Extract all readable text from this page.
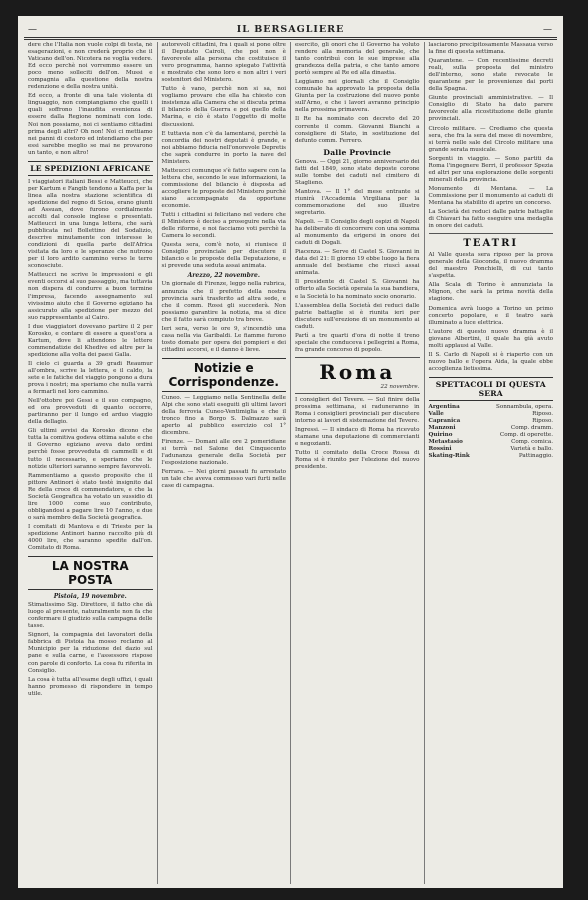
—	IL BERSAGLIERE	—

dere che l'Italia non vuole colpi di testa, nè esagerazioni, e non crederà proprio che il Vaticano dell'on. Nicotera ne voglia vedere. Ed ecco perchè noi vorremmo essere un poco meno solleciti dell'on. Mussi e compagnia alla questione della nostra redenzione e della nostra unità.

Ed ecco, a fronte di una tale violenta di linguaggio, non compiangiamo che quelli i quali soffrono l'inaudita evenienza di essere dalla Regione nominati con lode. Noi non possiamo, noi ci sentiamo cittadini prima degli altri? Oh non! Noi ci mettiamo nei panni di costoro ed intendiamo che per essi sarebbe meglio se mai ne provarono un tanto, e non altro!

LE SPEDIZIONI AFRICANE

I viaggiatori italiani Bessi e Matteucci, che per Kartum e Fangib tendono a Kaffa per la linea alla nostra stazione scientifica di spedizione del regno di Scioa, erano giunti ad Assuan, dove furono cordialmente accolti dal console inglese e presentati. Matteucci in una lunga lettera, che sarà pubblicata nel Bollettino del Sodalizio, descrive minutamente con interesse le condizioni di quella parte dell'Africa visitata da loro e le speranze che nutrono per il loro ardito cammino verso le terre sconosciute.

Matteucci ne scrive le impressioni e gli eventi occorsi al suo passaggio, ma tuttavia non dispera di condurre a buon termine l'impresa, facendo assegnamento sul vivissimo aiuto che il Governo egiziano ha assicurato alla spedizione per mezzo del suo rappresentante al Cairo.

I due viaggiatori dovevano partire il 2 per Korosko, e contare di essere a quest'ora a Kartum, dove li attendono le lettere commendatizie del Khedive ed altre per la spedizione alla volta dei paesi Galla.

Il cielo ci guarda a 39 gradi Reaumur all'ombra, scrive la lettera, e il caldo, la sete e le fatiche del viaggio pongono a dura prova i nostri; ma speriamo che nulla varrà a fermarli nel loro cammino.

Nell'ottobre poi Gessi e il suo compagno, ed ora provveduti di quanto occorre, partiranno per il lungo ed arduo viaggio della dellagio.

Gli ultimi avvisi da Korosko dicono che tutta la comitiva godeva ottima salute e che il Governo egiziano aveva dato ordini perchè fosse provveduta di cammelli e di tutto il necessario, e speriamo che le notizie ulteriori saranno sempre favorevoli.

Rammentiamo a questo proposito che il pittore Antinori è stato testè insignito dal Re della croce di commendatore, e che la Società Geografica ha votato un sussidio di lire 1000 come suo contributo, obbligandosi a pagare lire 10 l'anno, e due o sarà membro della Società geografica.

I comitati di Mantova e di Trieste per la spedizione Antinori hanno raccolto più di 4000 lire, che saranno spedite dall'on. Comitato di Roma.

LA NOSTRA POSTA
Pistoia, 19 novembre.

Stimatissimo Sig. Direttore, il fatto che dà luogo al presente, naturalmente non fa che confermare il giudizio sulla campagna delle tasse.

Signori, la compagnia dei lavoratori della fabbrica di Pistoia ha mosso reclamo al Municipio per la riduzione del dazio sul pane e sulla carne, e l'assessore rispose con parole di conforto. La cosa fu riferita in Consiglio.

La cosa è tutta all'esame degli uffizi, i quali hanno promesso di rispondere in tempo utile.

autorevoli cittadini, fra i quali si pone oltre il Deputato Cairoli, che poi non è favorevole alla persona che costituisce il vero programma, hanno spiegato l'attività e mostrato che sono loro e non altri i veri sostenitori del Ministero.

Tutto è vano, perchè non si sa, noi vogliamo provare che ella ha chiesto con insistenza alla Camera che si discuta prima il bilancio della Guerra e poi quello della Marina, e ciò è stato l'oggetto di molte discussioni.

E tuttavia non c'è da lamentarsi, perchè la concordia dei nostri deputati è grande, e noi abbiamo fiducia nell'onorevole Depretis che saprà condurre in porto la nave del Ministero.

Matteucci comunque s'è fatto sapere con la lettera che, secondo le sue informazioni, la commissione del bilancio è disposta ad accogliere le proposte del Ministero purchè siano accompagnate da opportune economie.

Tutti i cittadini si felicitano nel vedere che il Ministero è deciso a proseguire nella via delle riforme, e noi facciamo voti perchè la Camera lo secondi.

Questa sera, com'è noto, si riunisce il Consiglio provinciale per discutere il bilancio e le proposte della Deputazione, e si prevede una seduta assai animata.

Arezzo, 22 novembre.

Un giornale di Firenze, leggo nella rubrica, annunzia che il prefetto della nostra provincia sarà trasferito ad altra sede, e che il comm. Rossi gli succederà. Non possiamo garantire la notizia, ma si dice che il fatto sarà compiuto tra breve.

Ieri sera, verso le ore 9, s'incendiò una casa nella via Garibaldi. Le fiamme furono tosto domate per opera dei pompieri e dei cittadini accorsi, e il danno è lieve.

Notizie e Corrispondenze.

Cuneo. — Leggiamo nella Sentinella delle Alpi che sono stati eseguiti gli ultimi lavori della ferrovia Cuneo-Ventimiglia e che il tronco fino a Borgo S. Dalmazzo sarà aperto al pubblico esercizio col 1° dicembre.

Firenze. — Domani alle ore 2 pomeridiane si terrà nel Salone dei Cinquecento l'adunanza generale della Società per l'esposizione nazionale.

Ferrara. — Nei giorni passati fu arrestato un tale che aveva commesso vari furti nelle case di campagna.

esercito, gli onori che il Governo ha voluto rendere alla memoria del generale, che tanto contribuì con le sue imprese alla grandezza della patria, e che tanto amore portò sempre al Re ed alla dinastia.

Leggiamo nei giornali che il Consiglio comunale ha approvato la proposta della Giunta per la costruzione del nuovo ponte sull'Arno, e che i lavori avranno principio nella prossima primavera.

Il Re ha nominato con decreto del 20 corrente il comm. Giovanni Bianchi a consigliere di Stato, in sostituzione del defunto comm. Ferrero.

Dalle Provincie

Genova. — Oggi 21, giorno anniversario dei fatti del 1849, sono state deposte corone sulle tombe dei caduti nel cimitero di Staglieno.

Mantova. — Il 1° del mese entrante si riunirà l'Accademia Virgiliana per la commemorazione del suo illustre segretario.

Napoli. — Il Consiglio degli ospizi di Napoli ha deliberato di concorrere con una somma al monumento da erigersi in onore dei caduti di Dogali.

Piacenza. — Serve di Castel S. Giovanni in data del 21: Il giorno 19 ebbe luogo la fiera annuale del bestiame che riuscì assai animata.

Il presidente di Castel S. Giovanni ha offerto alla Società operaia la sua bandiera, e la Società lo ha nominato socio onorario.

L'assemblea della Società dei reduci dalle patrie battaglie si è riunita ieri per discutere sull'erezione di un monumento ai caduti.

Partì a tre quarti d'ora di notte il treno speciale che conduceva i pellegrini a Roma, fra grande concorso di popolo.

Roma
22 novembre.

I consiglieri del Tevere. — Sul finire della prossima settimana, si raduneranno in Roma i consiglieri provinciali per discutere intorno ai lavori di sistemazione del Tevere.

Ingressi. — Il sindaco di Roma ha ricevuto stamane una deputazione di commercianti e negozianti.

Tutto il comitato della Croce Rossa di Roma si è riunito per l'elezione del nuovo presidente.

lasciarono precipitosamente Massaua verso la fine di questa settimana.

Quarantene. — Con recentissime decreti reali, sulla proposta del ministro dell'interno, sono state revocate le quarantene per le provenienze dai porti della Spagna.

Giunte provinciali amministrative. — Il Consiglio di Stato ha dato parere favorevole alla ricostituzione delle giunte provinciali.

Circolo militare. — Crediamo che questa sera, che fra la sera del mese di novembre, si terrà nelle sale del Circolo militare una grande serata musicale.

Sorgenti in viaggio. — Sono partiti da Roma l'ingegnere Berri, il professor Spezia ed altri per una esplorazione delle sorgenti minerali della provincia.

Monumento di Mentana. — La Commissione per il monumento ai caduti di Mentana ha stabilito di aprire un concorso.

La Società dei reduci dalle patrie battaglie di Chiavari ha fatto eseguire una medaglia in onore dei caduti.

TEATRI

Al Valle questa sera riposo per la prova generale della Gioconda, il nuovo dramma del maestro Ponchielli, di cui tanto s'aspetta.

Alla Scala di Torino è annunziata la Mignon, che sarà la prima novità della stagione.

Domenica avrà luogo a Torino un primo concerto popolare, e il teatro sarà illuminato a luce elettrica.

L'autore di questo nuovo dramma è il giovane Albertini, il quale ha già avuto molti applausi al Valle.

Il S. Carlo di Napoli si è riaperto con un nuovo ballo e l'opera Aida, la quale ebbe accoglienza lietissima.

SPETTACOLI DI QUESTA SERA
Argentina	Sonnambula, opera.
Valle	Riposo.
Capranica	Riposo.
Manzoni	Comp. dramm.
Quirino	Comp. di operette.
Metastasio	Comp. comica.
Rossini	Varietà e ballo.
Skating-Rink	Pattinaggio.
